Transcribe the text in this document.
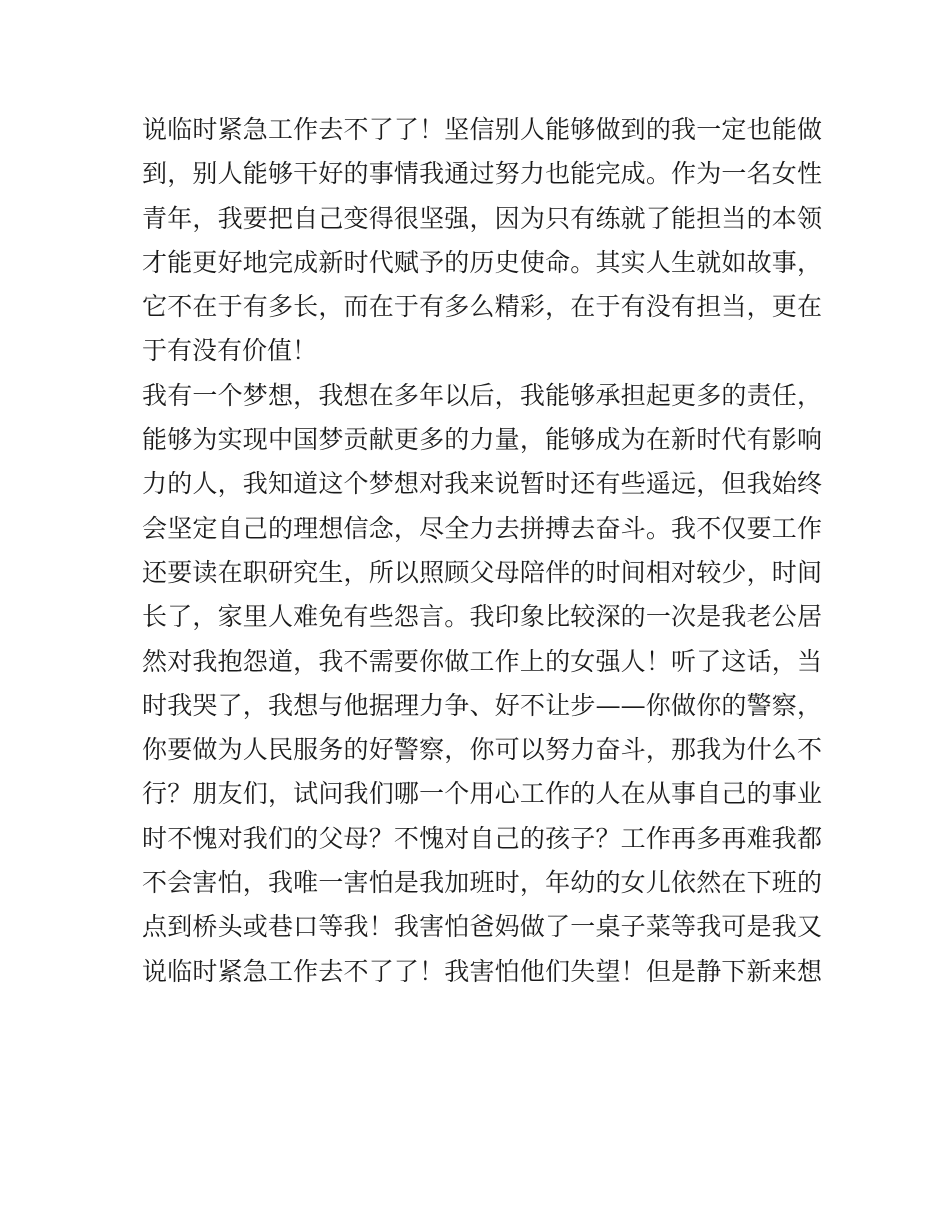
说临时紧急工作去不了了！坚信别人能够做到的我一定也能做
到，别人能够干好的事情我通过努力也能完成。作为一名女性
青年，我要把自己变得很坚强，因为只有练就了能担当的本领
才能更好地完成新时代赋予的历史使命。其实人生就如故事，
它不在于有多长，而在于有多么精彩，在于有没有担当，更在
于有没有价值！
我有一个梦想，我想在多年以后，我能够承担起更多的责任，
能够为实现中国梦贡献更多的力量，能够成为在新时代有影响
力的人，我知道这个梦想对我来说暂时还有些遥远，但我始终
会坚定自己的理想信念，尽全力去拼搏去奋斗。我不仅要工作
还要读在职研究生，所以照顾父母陪伴的时间相对较少，时间
长了，家里人难免有些怨言。我印象比较深的一次是我老公居
然对我抱怨道，我不需要你做工作上的女强人！听了这话，当
时我哭了，我想与他据理力争、好不让步——你做你的警察，
你要做为人民服务的好警察，你可以努力奋斗，那我为什么不
行？朋友们，试问我们哪一个用心工作的人在从事自己的事业
时不愧对我们的父母？不愧对自己的孩子？工作再多再难我都
不会害怕，我唯一害怕是我加班时，年幼的女儿依然在下班的
点到桥头或巷口等我！我害怕爸妈做了一桌子菜等我可是我又
说临时紧急工作去不了了！我害怕他们失望！但是静下新来想
